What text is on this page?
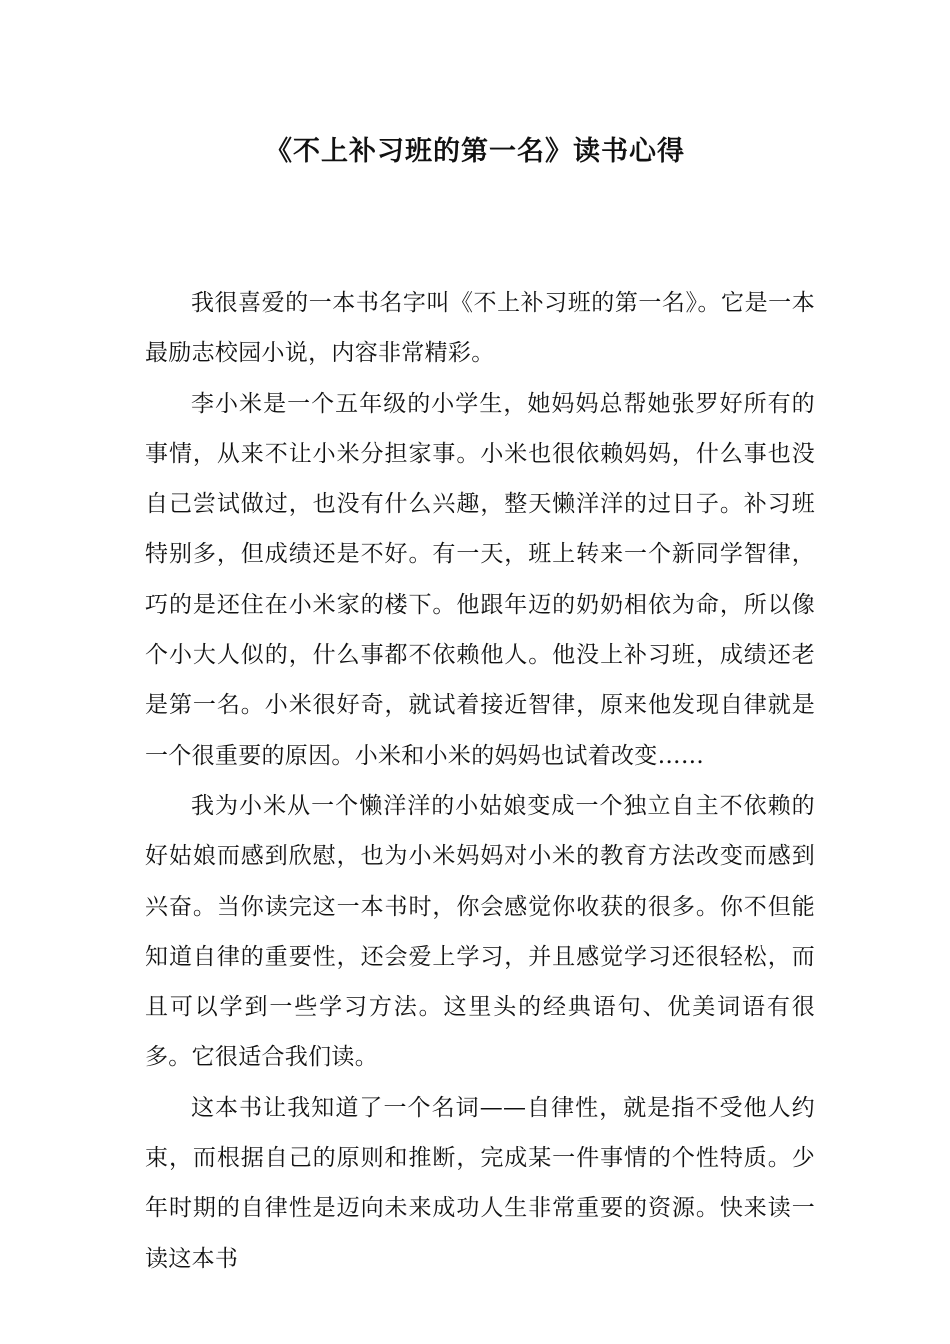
《不上补习班的第一名》读书心得

我很喜爱的一本书名字叫《不上补习班的第一名》。它是一本最励志校园小说，内容非常精彩。

李小米是一个五年级的小学生，她妈妈总帮她张罗好所有的事情，从来不让小米分担家事。小米也很依赖妈妈，什么事也没自己尝试做过，也没有什么兴趣，整天懒洋洋的过日子。补习班特别多，但成绩还是不好。有一天，班上转来一个新同学智律，巧的是还住在小米家的楼下。他跟年迈的奶奶相依为命，所以像个小大人似的，什么事都不依赖他人。他没上补习班，成绩还老是第一名。小米很好奇，就试着接近智律，原来他发现自律就是一个很重要的原因。小米和小米的妈妈也试着改变……

我为小米从一个懒洋洋的小姑娘变成一个独立自主不依赖的好姑娘而感到欣慰，也为小米妈妈对小米的教育方法改变而感到兴奋。当你读完这一本书时，你会感觉你收获的很多。你不但能知道自律的重要性，还会爱上学习，并且感觉学习还很轻松，而且可以学到一些学习方法。这里头的经典语句、优美词语有很多。它很适合我们读。

这本书让我知道了一个名词——自律性，就是指不受他人约束，而根据自己的原则和推断，完成某一件事情的个性特质。少年时期的自律性是迈向未来成功人生非常重要的资源。快来读一读这本书
